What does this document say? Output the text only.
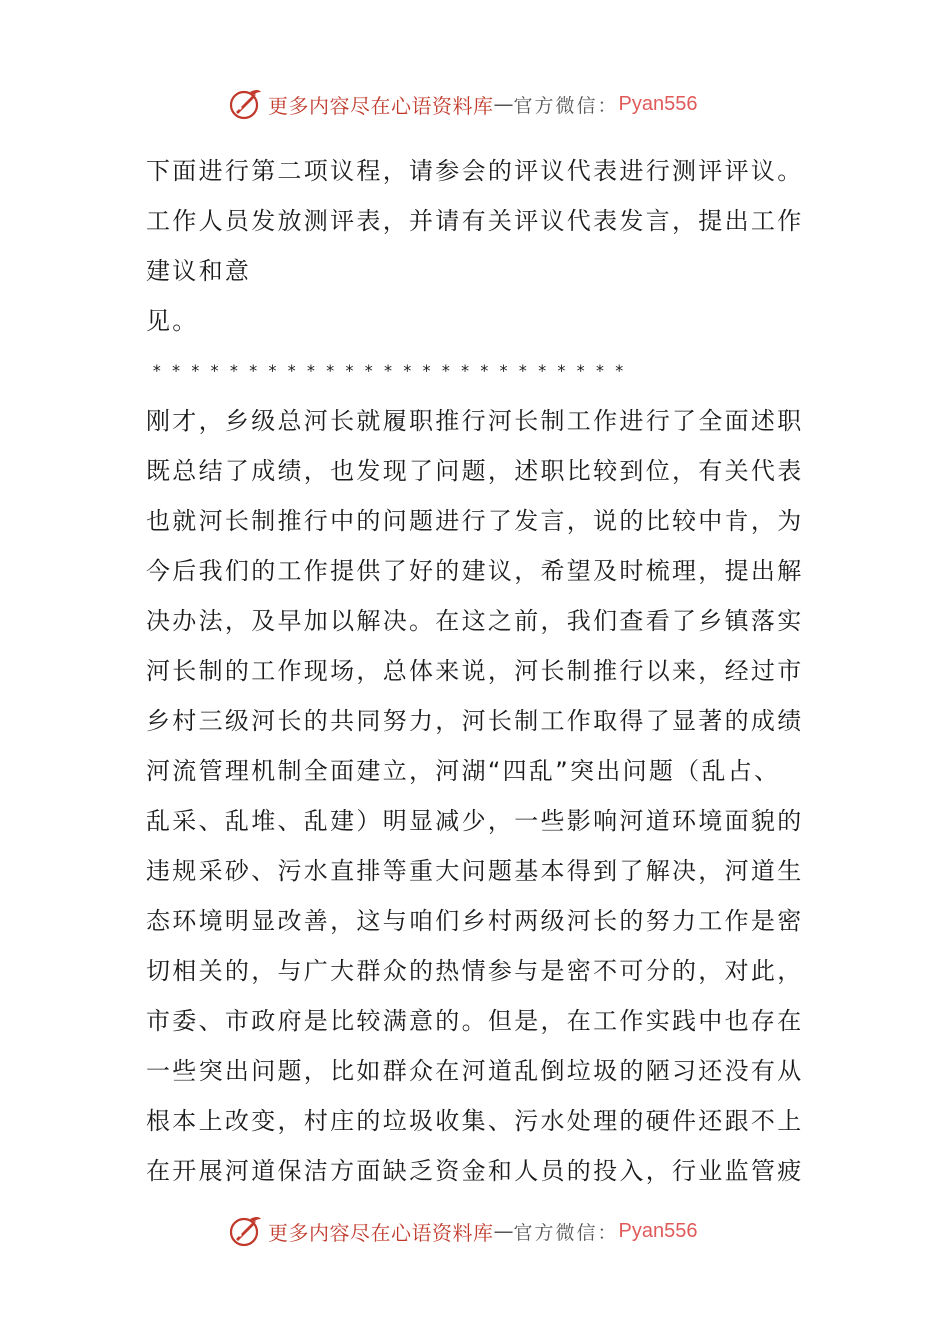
更多内容尽在心语资料库 — 官方微信： Pyan556
下面进行第二项议程，请参会的评议代表进行测评评议。
工作人员发放测评表，并请有关评议代表发言，提出工作
建议和意
见。
* * * * * * * * * * * * * * * * * * * * * * * * *
刚才，乡级总河长就履职推行河长制工作进行了全面述职
既总结了成绩，也发现了问题，述职比较到位，有关代表
也就河长制推行中的问题进行了发言，说的比较中肯，为
今后我们的工作提供了好的建议，希望及时梳理，提出解
决办法，及早加以解决。在这之前，我们查看了乡镇落实
河长制的工作现场，总体来说，河长制推行以来，经过市
乡村三级河长的共同努力，河长制工作取得了显著的成绩
河流管理机制全面建立，河湖“四乱”突出问题（乱占、
乱采、乱堆、乱建）明显减少，一些影响河道环境面貌的
违规采砂、污水直排等重大问题基本得到了解决，河道生
态环境明显改善，这与咱们乡村两级河长的努力工作是密
切相关的，与广大群众的热情参与是密不可分的，对此，
市委、市政府是比较满意的。但是，在工作实践中也存在
一些突出问题，比如群众在河道乱倒垃圾的陋习还没有从
根本上改变，村庄的垃圾收集、污水处理的硬件还跟不上
在开展河道保洁方面缺乏资金和人员的投入，行业监管疲
更多内容尽在心语资料库 — 官方微信： Pyan556
